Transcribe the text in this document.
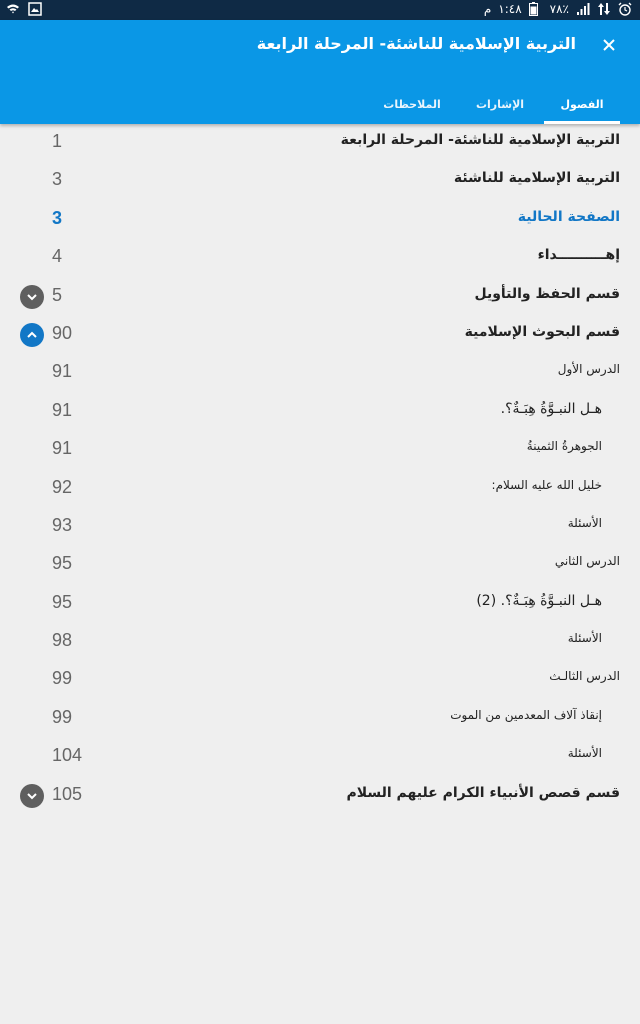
م ١:٤٨ ٧٨٪
التربية الإسلامية للناشئة- المرحلة الرابعة
الفصول
الإشارات
الملاحظات
1	التربية الإسلامية للناشئة- المرحلة الرابعة
3	التربية الإسلامية للناشئة
3	الصفحة الحالية
4	إهــــــــــداء
5	قسم الحفظ والتأويل
90	قسم البحوث الإسلامية
91	الدرس الأول
91	هـل النبـوَّةُ هِبَـةٌ؟.
91	الجوهرةُ الثمينةُ
92	خليل الله عليه السلام:
93	الأسئلة
95	الدرس الثاني
95	هـل النبـوَّةُ هِبَـةٌ؟. (2)
98	الأسئلة
99	الدرس الثالـث
99	إنقاذ آلاف المعدمين من الموت
104	الأسئلة
105	قسم قصص الأنبياء الكرام عليهم السلام
